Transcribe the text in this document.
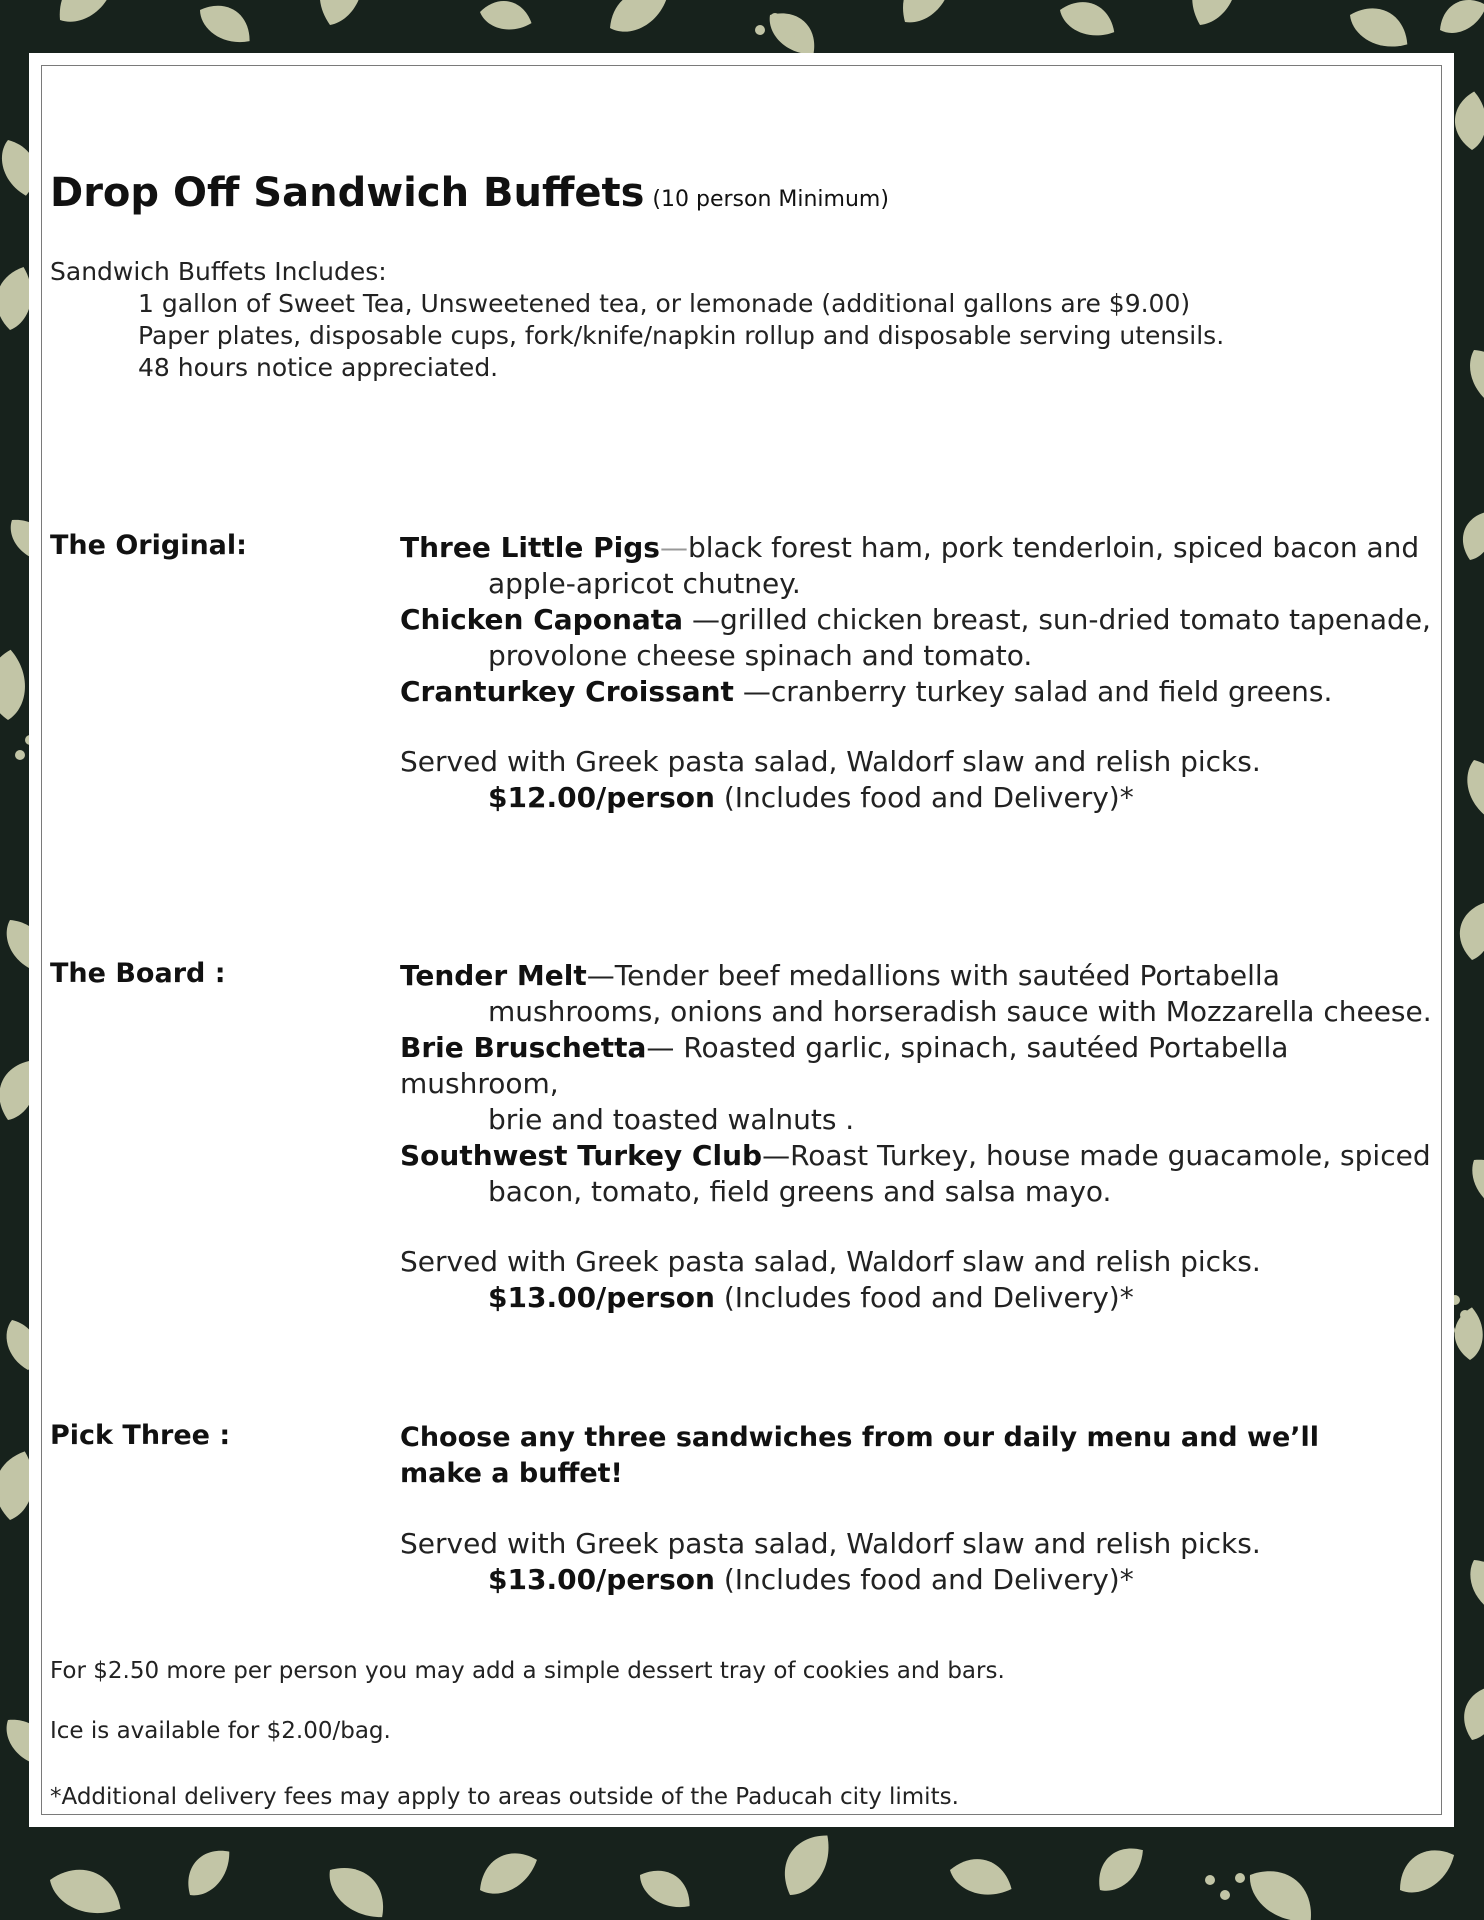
Drop Off Sandwich Buffets (10 person Minimum)
Sandwich Buffets Includes:
1 gallon of Sweet Tea, Unsweetened tea, or lemonade (additional gallons are $9.00)
Paper plates, disposable cups, fork/knife/napkin rollup and disposable serving utensils.
48 hours notice appreciated.
The Original:	Three Little Pigs—black forest ham, pork tenderloin, spiced bacon and
apple-apricot chutney.
Chicken Caponata —grilled chicken breast, sun-dried tomato tapenade,
provolone cheese spinach and tomato.
Cranturkey Croissant —cranberry turkey salad and field greens.
Served with Greek pasta salad, Waldorf slaw and relish picks.
$12.00/person (Includes food and Delivery)*
The Board :	Tender Melt—Tender beef medallions with sautéed Portabella
mushrooms, onions and horseradish sauce with Mozzarella cheese.
Brie Bruschetta— Roasted garlic, spinach, sautéed Portabella mushroom,
brie and toasted walnuts .
Southwest Turkey Club—Roast Turkey, house made guacamole, spiced
bacon, tomato, field greens and salsa mayo.
Served with Greek pasta salad, Waldorf slaw and relish picks.
$13.00/person (Includes food and Delivery)*
Pick Three :	Choose any three sandwiches from our daily menu and we’ll make a buffet!
Served with Greek pasta salad, Waldorf slaw and relish picks.
$13.00/person (Includes food and Delivery)*
For $2.50 more per person you may add a simple dessert tray of cookies and bars.
Ice is available for $2.00/bag.
*Additional delivery fees may apply to areas outside of the Paducah city limits.
